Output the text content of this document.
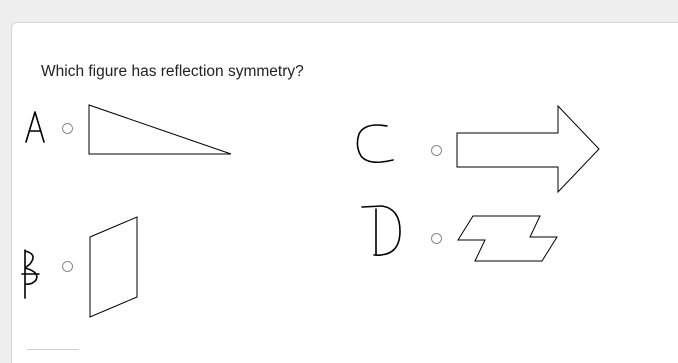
Which figure has reflection symmetry?
